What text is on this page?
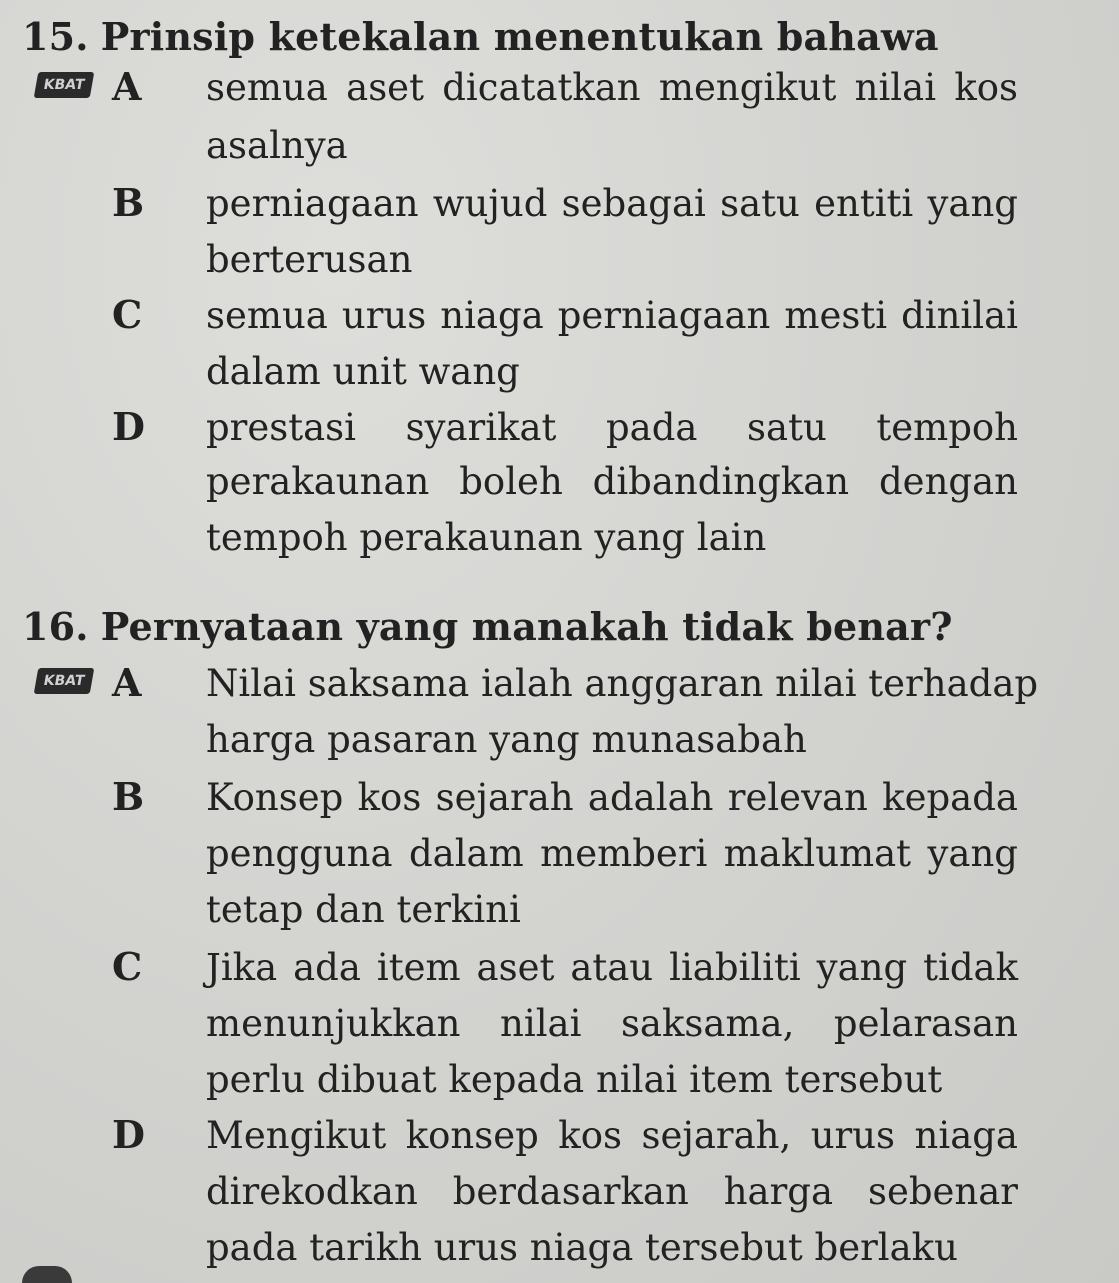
15. Prinsip ketekalan menentukan bahawa
KBAT A semua aset dicatatkan mengikut nilai kos
asalnya
B perniagaan wujud sebagai satu entiti yang
berterusan
C semua urus niaga perniagaan mesti dinilai
dalam unit wang
D prestasi syarikat pada satu tempoh
perakaunan boleh dibandingkan dengan
tempoh perakaunan yang lain
16. Pernyataan yang manakah tidak benar?
KBAT A Nilai saksama ialah anggaran nilai terhadap
harga pasaran yang munasabah
B Konsep kos sejarah adalah relevan kepada
pengguna dalam memberi maklumat yang
tetap dan terkini
C Jika ada item aset atau liabiliti yang tidak
menunjukkan nilai saksama, pelarasan
perlu dibuat kepada nilai item tersebut
D Mengikut konsep kos sejarah, urus niaga
direkodkan berdasarkan harga sebenar
pada tarikh urus niaga tersebut berlaku
